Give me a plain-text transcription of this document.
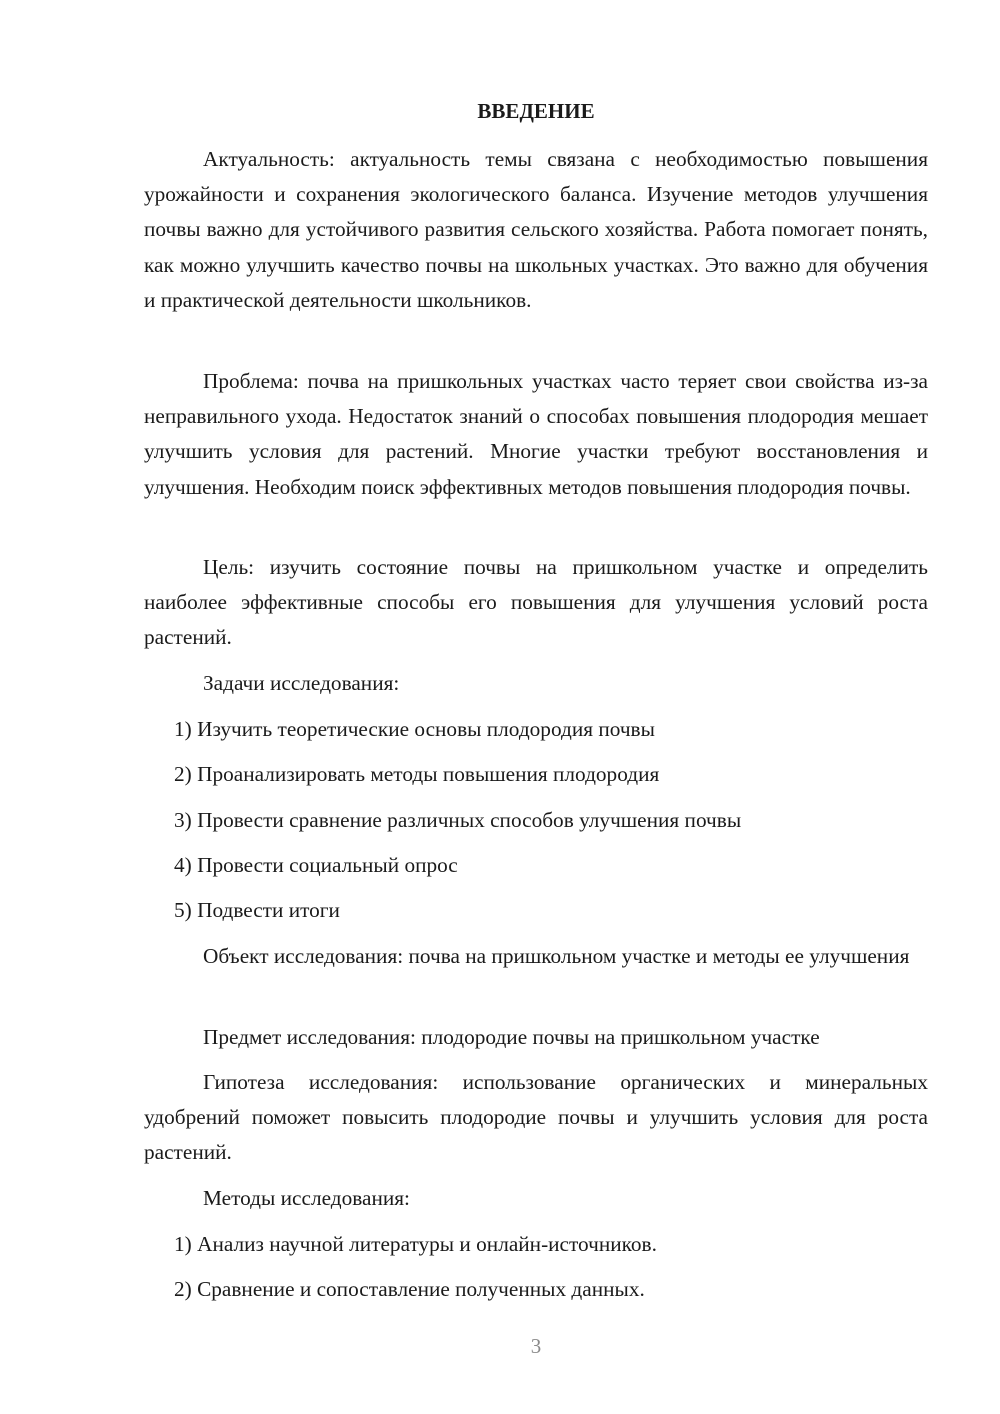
ВВЕДЕНИЕ

Актуальность: актуальность темы связана с необходимостью повышения урожайности и сохранения экологического баланса. Изучение методов улучшения почвы важно для устойчивого развития сельского хозяйства. Работа помогает понять, как можно улучшить качество почвы на школьных участках. Это важно для обучения и практической деятельности школьников.

Проблема: почва на пришкольных участках часто теряет свои свойства из-за неправильного ухода. Недостаток знаний о способах повышения плодородия мешает улучшить условия для растений. Многие участки требуют восстановления и улучшения. Необходим поиск эффективных методов повышения плодородия почвы.

Цель: изучить состояние почвы на пришкольном участке и определить наиболее эффективные способы его повышения для улучшения условий роста растений.

Задачи исследования:

1) Изучить теоретические основы плодородия почвы

2) Проанализировать методы повышения плодородия

3) Провести сравнение различных способов улучшения почвы

4) Провести социальный опрос

5) Подвести итоги

Объект исследования: почва на пришкольном участке и методы ее улучшения

Предмет исследования: плодородие почвы на пришкольном участке

Гипотеза исследования: использование органических и минеральных удобрений поможет повысить плодородие почвы и улучшить условия для роста растений.

Методы исследования:

1) Анализ научной литературы и онлайн-источников.

2) Сравнение и сопоставление полученных данных.

3
